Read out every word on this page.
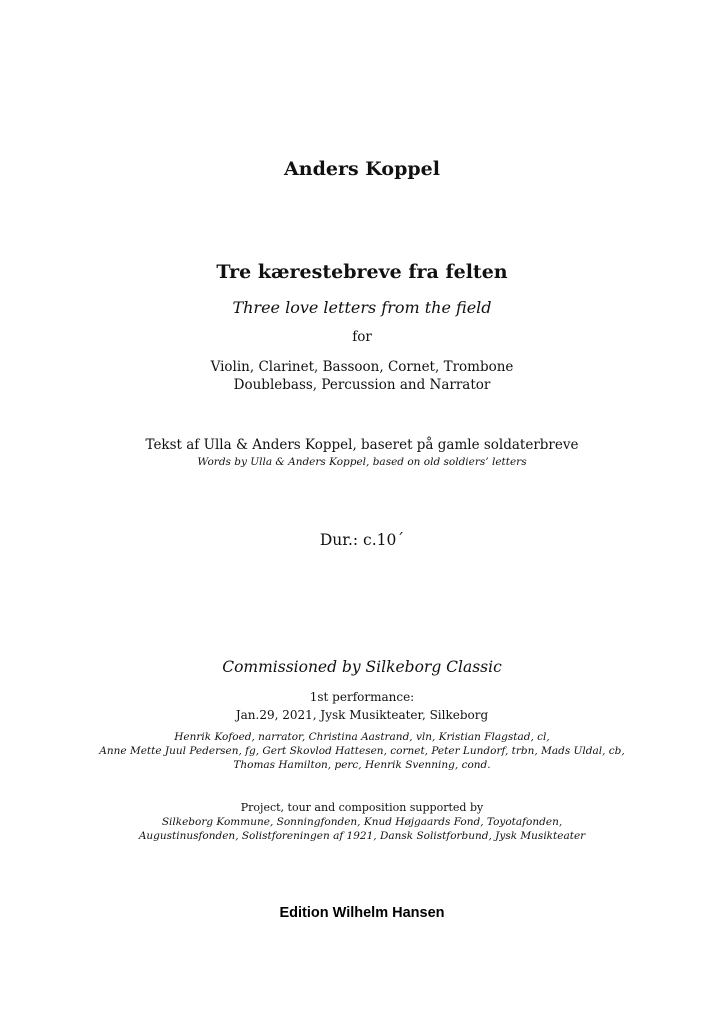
Anders Koppel
Tre kærestebreve fra felten
Three love letters from the field
for
Violin, Clarinet, Bassoon, Cornet, Trombone
Doublebass, Percussion and Narrator
Tekst af Ulla & Anders Koppel, baseret på gamle soldaterbreve
Words by Ulla & Anders Koppel, based on old soldiers’ letters
Dur.: c.10´
Commissioned by Silkeborg Classic
1st performance:
Jan.29, 2021, Jysk Musikteater, Silkeborg
Henrik Kofoed, narrator, Christina Aastrand, vln, Kristian Flagstad, cl,
Anne Mette Juul Pedersen, fg, Gert Skovlod Hattesen, cornet, Peter Lundorf, trbn, Mads Uldal, cb,
Thomas Hamilton, perc, Henrik Svenning, cond.
Project, tour and composition supported by
Silkeborg Kommune, Sonningfonden, Knud Højgaards Fond, Toyotafonden,
Augustinusfonden, Solistforeningen af 1921, Dansk Solistforbund, Jysk Musikteater
Edition Wilhelm Hansen
